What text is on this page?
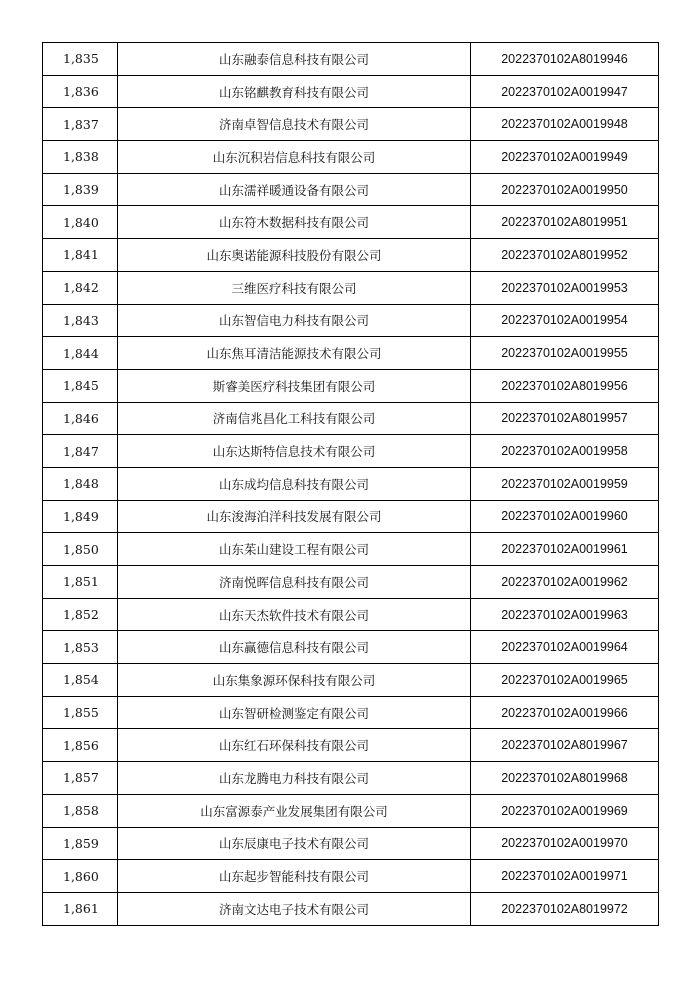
1,835	山东融泰信息科技有限公司	2022370102A8019946
1,836	山东铭麒教育科技有限公司	2022370102A0019947
1,837	济南卓智信息技术有限公司	2022370102A0019948
1,838	山东沉积岩信息科技有限公司	2022370102A0019949
1,839	山东濡祥暖通设备有限公司	2022370102A0019950
1,840	山东符木数据科技有限公司	2022370102A8019951
1,841	山东奥诺能源科技股份有限公司	2022370102A8019952
1,842	三维医疗科技有限公司	2022370102A0019953
1,843	山东智信电力科技有限公司	2022370102A0019954
1,844	山东焦耳清洁能源技术有限公司	2022370102A0019955
1,845	斯睿美医疗科技集团有限公司	2022370102A8019956
1,846	济南信兆昌化工科技有限公司	2022370102A8019957
1,847	山东达斯特信息技术有限公司	2022370102A0019958
1,848	山东成均信息科技有限公司	2022370102A0019959
1,849	山东浚海泊洋科技发展有限公司	2022370102A0019960
1,850	山东茱山建设工程有限公司	2022370102A0019961
1,851	济南悦晖信息科技有限公司	2022370102A0019962
1,852	山东天杰软件技术有限公司	2022370102A0019963
1,853	山东赢德信息科技有限公司	2022370102A0019964
1,854	山东集象源环保科技有限公司	2022370102A0019965
1,855	山东智研检测鉴定有限公司	2022370102A0019966
1,856	山东红石环保科技有限公司	2022370102A8019967
1,857	山东龙腾电力科技有限公司	2022370102A8019968
1,858	山东富源泰产业发展集团有限公司	2022370102A0019969
1,859	山东辰康电子技术有限公司	2022370102A0019970
1,860	山东起步智能科技有限公司	2022370102A0019971
1,861	济南文达电子技术有限公司	2022370102A8019972
